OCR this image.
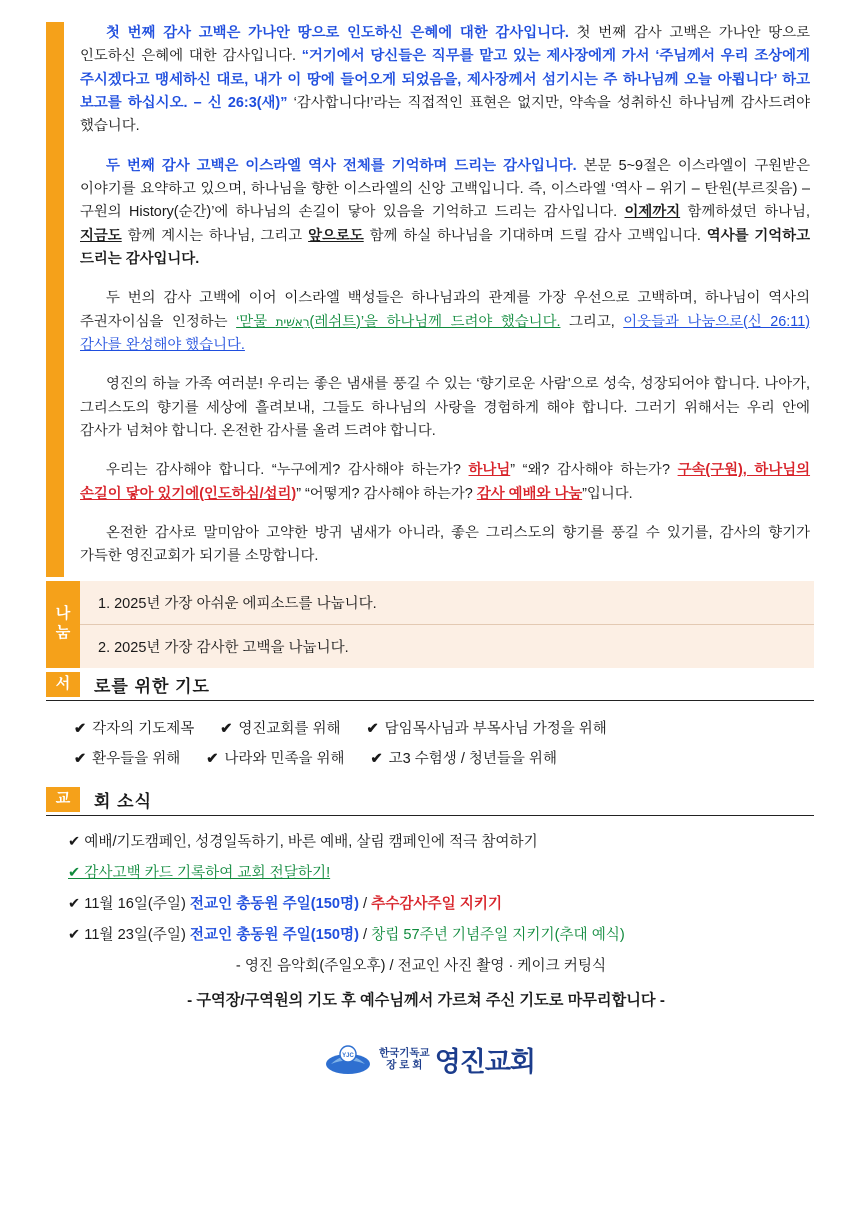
첫 번째 감사 고백은 가나안 땅으로 인도하신 은혜에 대한 감사입니다. 첫 번째 감사 고백은 가나안 땅으로 인도하신 은혜에 대한 감사입니다. “거기에서 당신들은 직무를 맡고 있는 제사장에게 가서 ‘주님께서 우리 조상에게 주시겠다고 맹세하신 대로, 내가 이 땅에 들어오게 되었음을, 제사장께서 섬기시는 주 하나님께 오늘 아룁니다’ 하고 보고를 하십시오. – 신 26:3(새)” ‘감사합니다!’라는 직접적인 표현은 없지만, 약속을 성취하신 하나님께 감사드려야 했습니다.

두 번째 감사 고백은 이스라엘 역사 전체를 기억하며 드리는 감사입니다. 본문 5~9절은 이스라엘이 구원받은 이야기를 요약하고 있으며, 하나님을 향한 이스라엘의 신앙 고백입니다. 즉, 이스라엘 ‘역사 – 위기 – 탄원(부르짖음) – 구원의 History(순간)’에 하나님의 손길이 닿아 있음을 기억하고 드리는 감사입니다. 이제까지 함께하셨던 하나님, 지금도 함께 계시는 하나님, 그리고 앞으로도 함께 하실 하나님을 기대하며 드릴 감사 고백입니다. 역사를 기억하고 드리는 감사입니다.

두 번의 감사 고백에 이어 이스라엘 백성들은 하나님과의 관계를 가장 우선으로 고백하며, 하나님이 역사의 주권자이심을 인정하는 ‘맏물 רֵאשִׁית(레쉬트)’을 하나님께 드려야 했습니다. 그리고, 이웃들과 나눔으로(신 26:11) 감사를 완성해야 했습니다.

영진의 하늘 가족 여러분! 우리는 좋은 냄새를 풍길 수 있는 ‘향기로운 사람’으로 성숙, 성장되어야 합니다. 나아가, 그리스도의 향기를 세상에 흘려보내, 그들도 하나님의 사랑을 경험하게 해야 합니다. 그러기 위해서는 우리 안에 감사가 넘쳐야 합니다. 온전한 감사를 올려 드려야 합니다.

우리는 감사해야 합니다. “누구에게? 감사해야 하는가? 하나님” “왜? 감사해야 하는가? 구속(구원), 하나님의 손길이 닿아 있기에(인도하심/섭리)” “어떻게? 감사해야 하는가? 감사 예배와 나눔”입니다.

온전한 감사로 말미암아 고약한 방귀 냄새가 아니라, 좋은 그리스도의 향기를 풍길 수 있기를, 감사의 향기가 가득한 영진교회가 되기를 소망합니다.

나
눔
1. 2025년 가장 아쉬운 에피소드를 나눕니다.
2. 2025년 가장 감사한 고백을 나눕니다.
서	로를 위한 기도
✔ 각자의 기도제목 ✔ 영진교회를 위해 ✔ 담임목사님과 부목사님 가정을 위해
✔ 환우들을 위해 ✔ 나라와 민족을 위해 ✔ 고3 수험생 / 청년들을 위해
교	회 소식
✔ 예배/기도캠페인, 성경일독하기, 바른 예배, 살림 캠페인에 적극 참여하기
✔ 감사고백 카드 기록하여 교회 전달하기!
✔ 11월 16일(주일) 전교인 총동원 주일(150명) / 추수감사주일 지키기
✔ 11월 23일(주일) 전교인 총동원 주일(150명) / 창립 57주년 기념주일 지키기(추대 예식)
- 영진 음악회(주일오후) / 전교인 사진 촬영 · 케이크 커팅식
- 구역장/구역원의 기도 후 예수님께서 가르쳐 주신 기도로 마무리합니다 -
YJC 한국기독교
장 로 회 영진교회
